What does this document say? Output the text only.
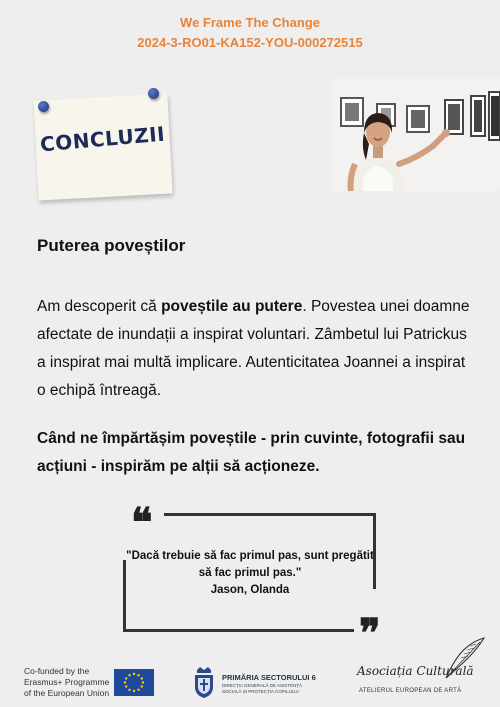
We Frame The Change
2024-3-RO01-KA152-YOU-000272515
CONCLUZII
Puterea poveștilor
Am descoperit că poveștile au putere. Povestea unei doamne afectate de inundații a inspirat voluntari. Zâmbetul lui Patrickus a inspirat mai multă implicare. Autenticitatea Joannei a inspirat o echipă întreagă.
Când ne împărtășim poveștile - prin cuvinte, fotografii sau acțiuni - inspirăm pe alții să acționeze.
❝
❞
"Dacă trebuie să fac primul pas, sunt pregătit să fac primul pas."
Jason, Olanda
Co-funded by the
Erasmus+ Programme
of the European Union
PRIMĂRIA SECTORULUI 6
DIRECȚIA GENERALĂ DE ASISTENȚĂ SOCIALĂ ȘI PROTECȚIA COPILULUI
Asociația Culturală
ATELIERUL EUROPEAN DE ARTĂ
